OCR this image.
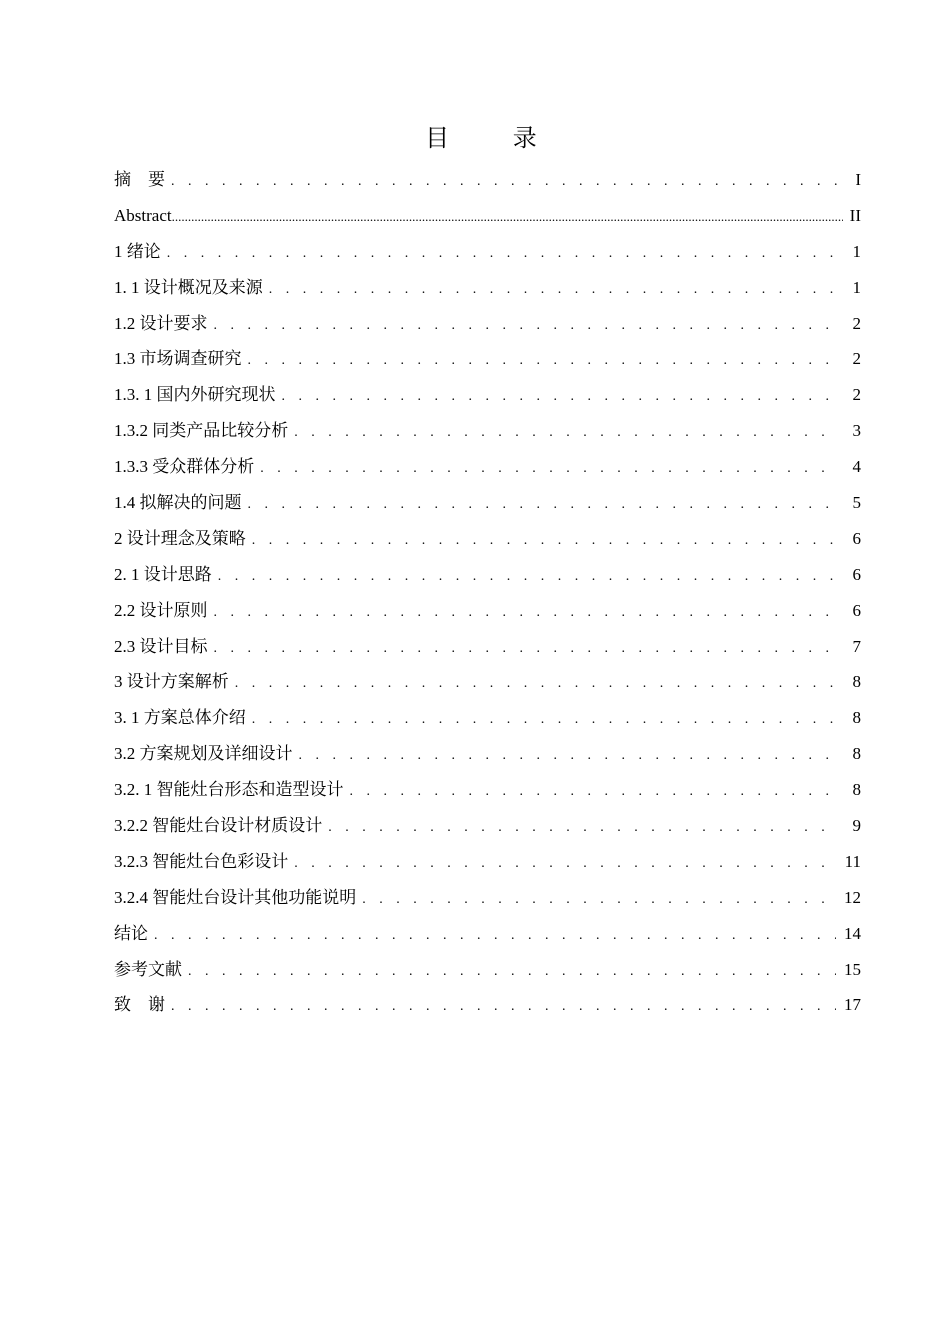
目 录
摘　要 . . .	I
Abstract .....	II
1 绪论 . . .	1
1. 1 设计概况及来源 . . .	1
1.2 设计要求 . . .	2
1.3 市场调查研究 . . .	2
1.3. 1 国内外研究现状 . . .	2
1.3.2 同类产品比较分析 . . .	3
1.3.3 受众群体分析 . . .	4
1.4 拟解决的问题 . . .	5
2 设计理念及策略 . . .	6
2. 1 设计思路 . . .	6
2.2 设计原则 . . .	6
2.3 设计目标 . . .	7
3 设计方案解析 . . .	8
3. 1 方案总体介绍 . . .	8
3.2 方案规划及详细设计 . . .	8
3.2. 1 智能灶台形态和造型设计 . . .	8
3.2.2 智能灶台设计材质设计 . . .	9
3.2.3 智能灶台色彩设计 . . .	11
3.2.4 智能灶台设计其他功能说明 . . .	12
结论 . . .	14
参考文献 . . .	15
致　谢 . . .	17
